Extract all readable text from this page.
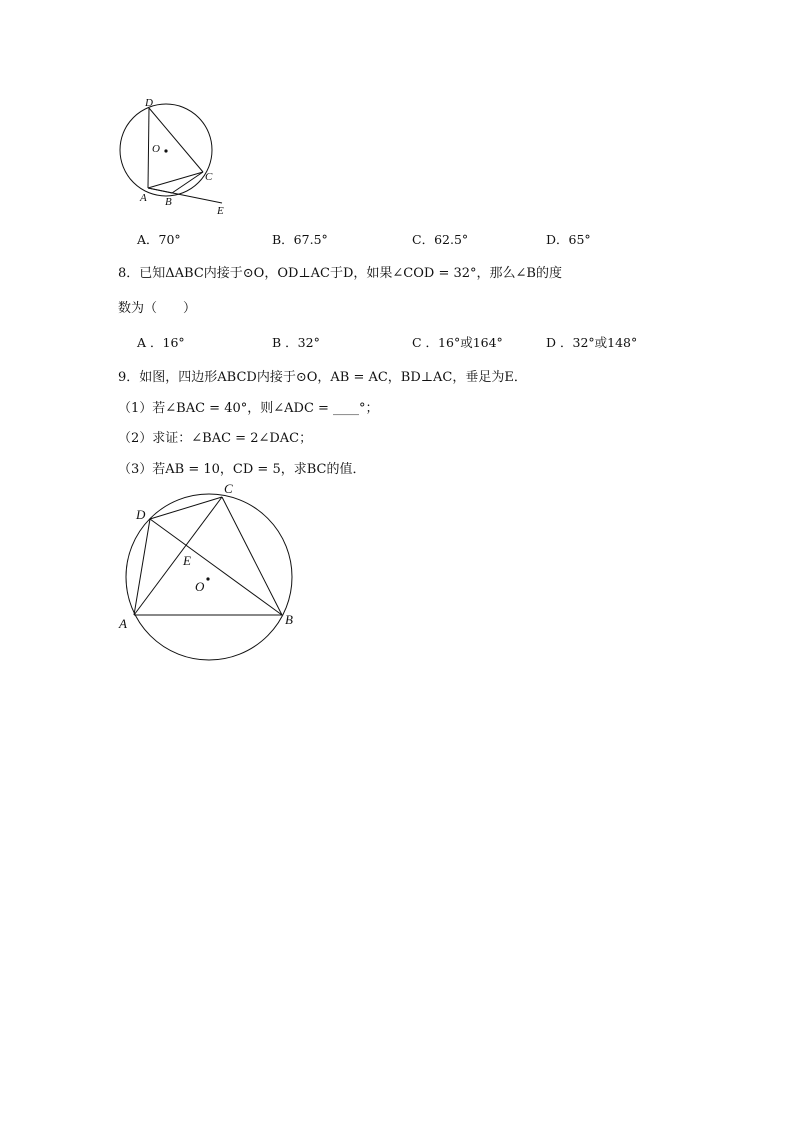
D
O
C
A B
E
A．70°	B．67.5°	C．62.5°	D．65°
8．已知ΔABC内接于⊙O，OD⊥AC于D，如果∠COD = 32°，那么∠B的度
数为（　　）
A ．16°	B ．32°	C ．16°或164°	D ．32°或148°
9．如图，四边形ABCD内接于⊙O，AB = AC，BD⊥AC，垂足为E．
（1）若∠BAC = 40°，则∠ADC = ____°；
（2）求证：∠BAC = 2∠DAC；
（3）若AB = 10，CD = 5，求BC的值．
C
D
E
O
A	B
